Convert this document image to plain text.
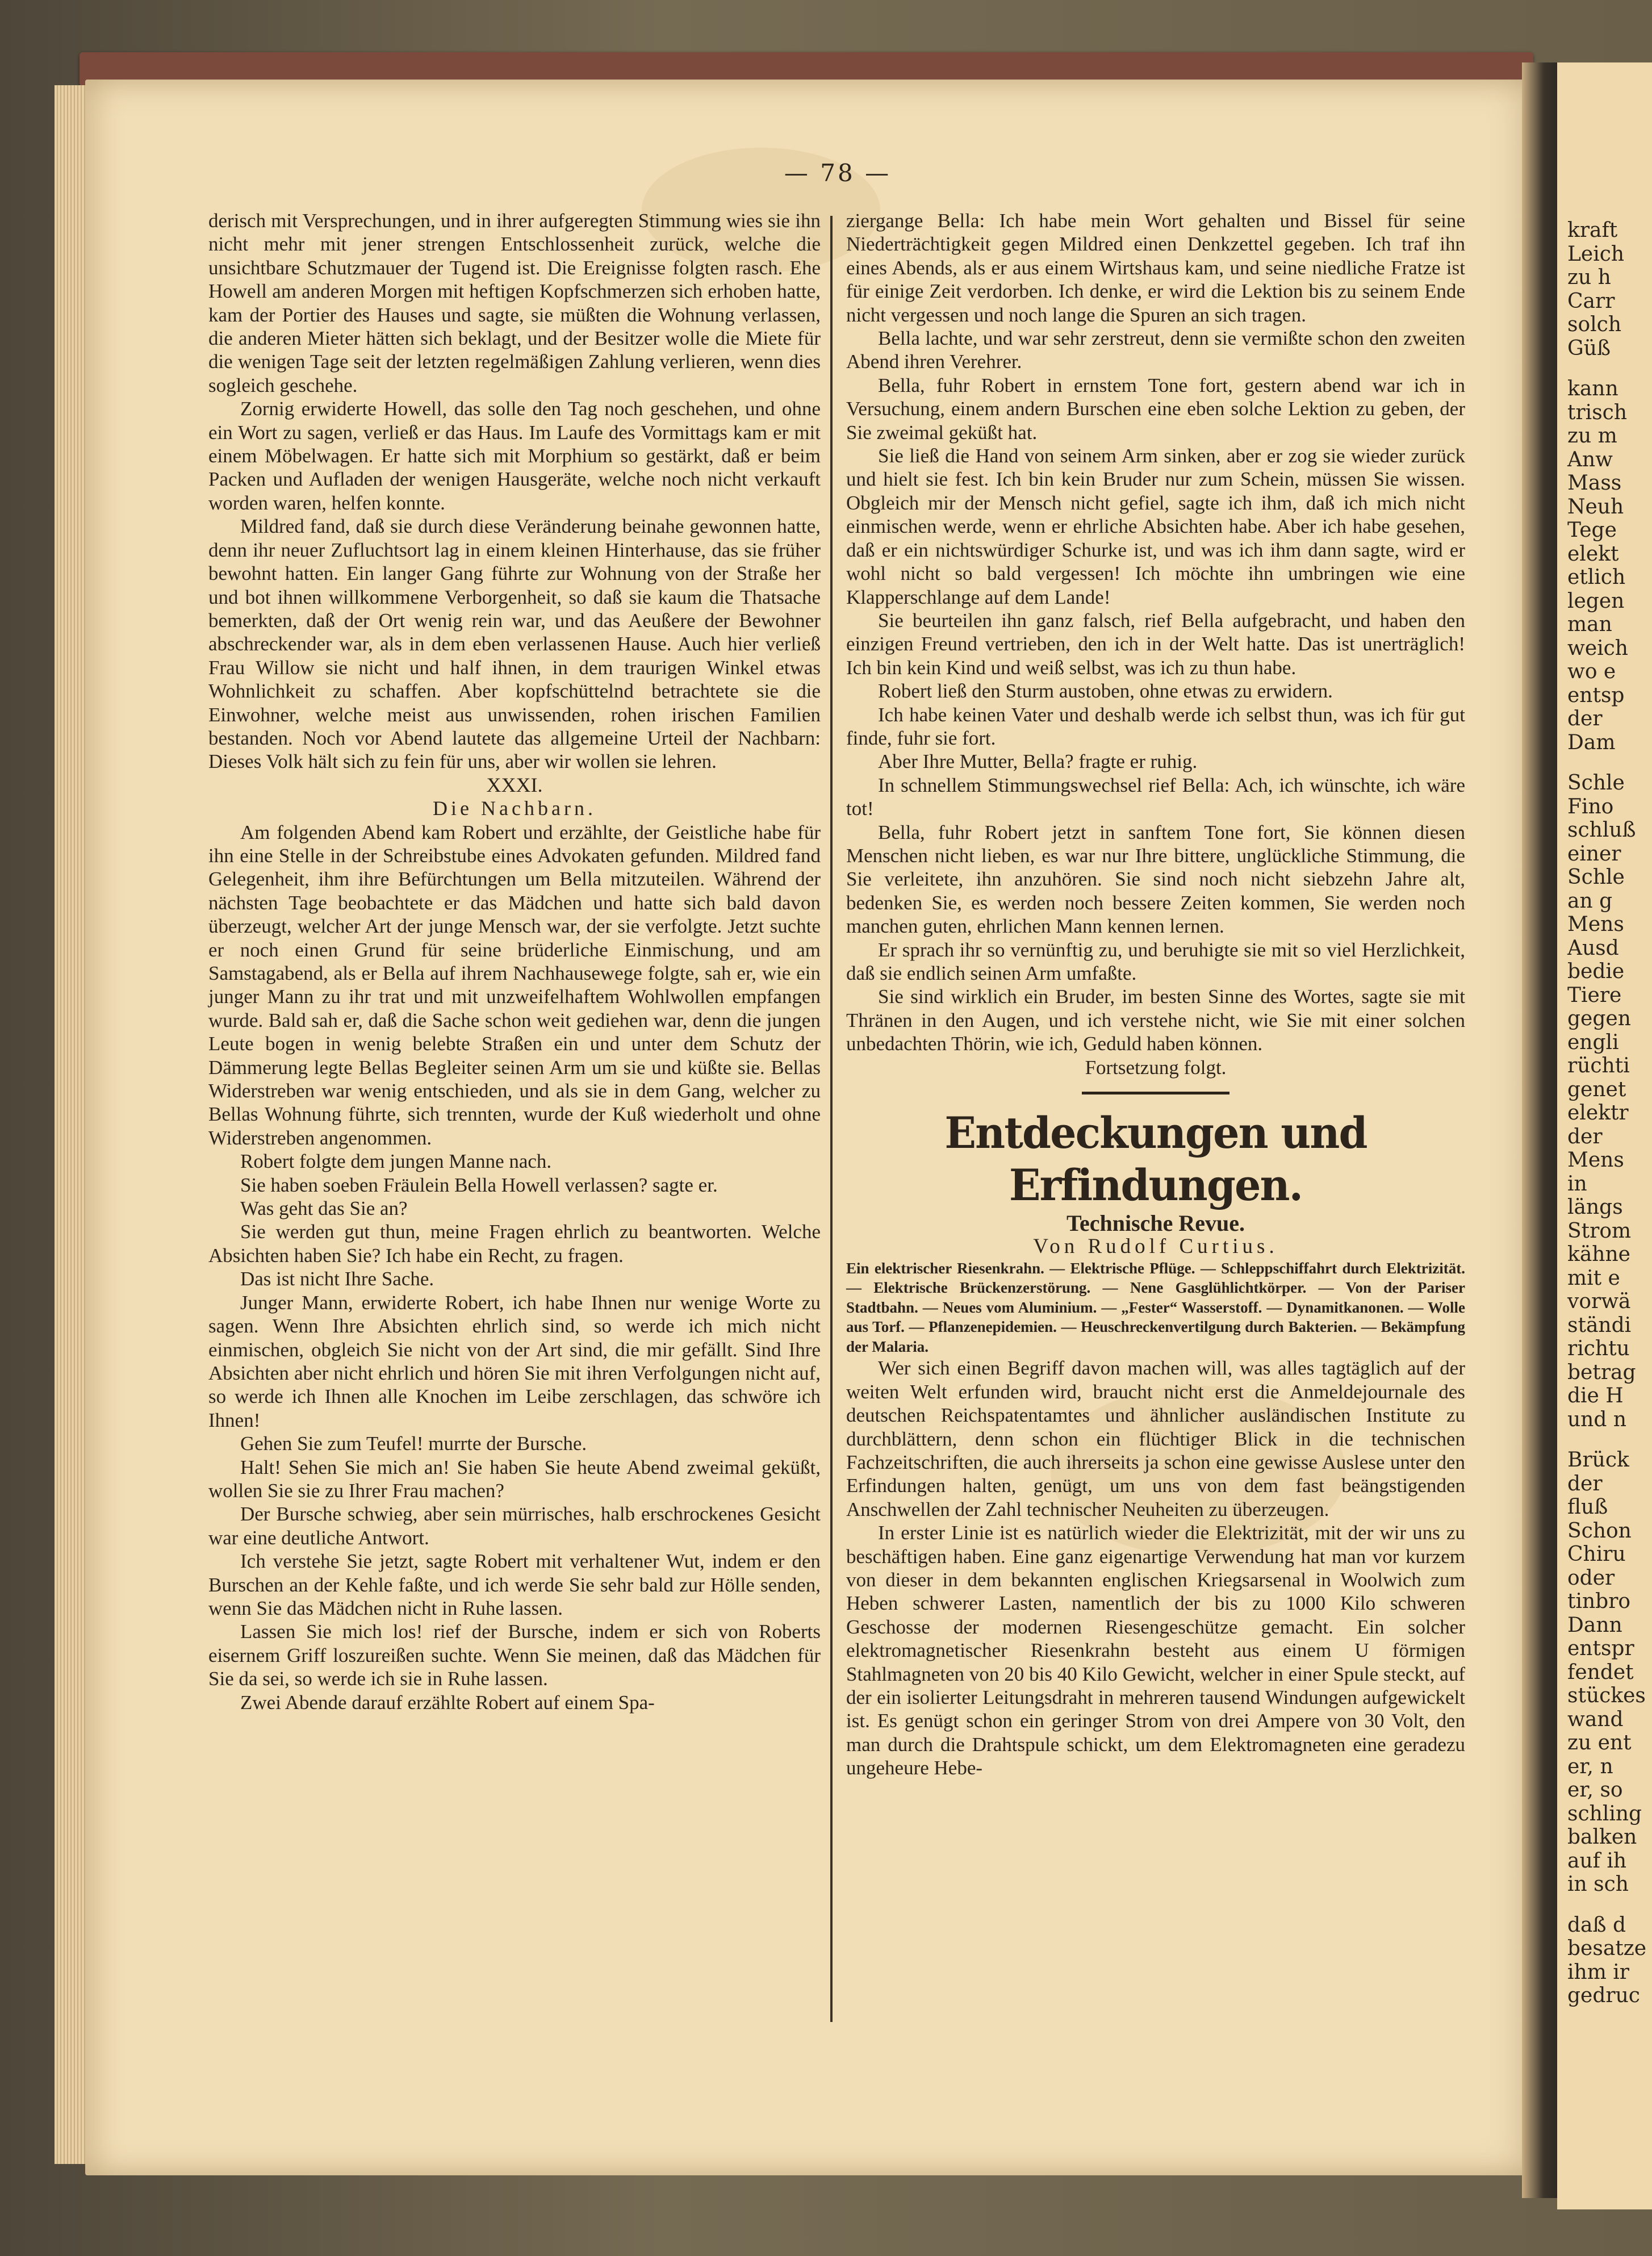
kraft
Leich
zu h
Carr
solch
Güß
kann
trisch
zu m
Anw
Mass
Neuh
Tege
elekt
etlich
legen
man
weich
wo e
entsp
der
Dam
Schle
Fino
schluß
einer
Schle
an g
Mens
Ausd
bedie
Tiere
gegen
engli
rüchti
genet
elektr
der
Mens
in
längs
Strom
kähne
mit e
vorwä
ständi
richtu
betrag
die H
und n
Brück
der
fluß
Schon
Chiru
oder
tinbro
Dann
entspr
fendet
stückes
wand
zu ent
er, n
er, so
schling
balken
auf ih
in sch
daß d
besatze
ihm ir
gedruc
— 78 —

derisch mit Versprechungen, und in ihrer aufgeregten Stimmung wies sie ihn nicht mehr mit jener strengen Entschlossenheit zurück, welche die unsichtbare Schutzmauer der Tugend ist. Die Ereignisse folgten rasch. Ehe Howell am anderen Morgen mit heftigen Kopfschmerzen sich erhoben hatte, kam der Portier des Hauses und sagte, sie müßten die Wohnung verlassen, die anderen Mieter hätten sich beklagt, und der Besitzer wolle die Miete für die wenigen Tage seit der letzten regelmäßigen Zahlung verlieren, wenn dies sogleich geschehe.

Zornig erwiderte Howell, das solle den Tag noch geschehen, und ohne ein Wort zu sagen, verließ er das Haus. Im Laufe des Vormittags kam er mit einem Möbelwagen. Er hatte sich mit Morphium so gestärkt, daß er beim Packen und Aufladen der wenigen Hausgeräte, welche noch nicht verkauft worden waren, helfen konnte.

Mildred fand, daß sie durch diese Veränderung beinahe gewonnen hatte, denn ihr neuer Zufluchtsort lag in einem kleinen Hinterhause, das sie früher bewohnt hatten. Ein langer Gang führte zur Wohnung von der Straße her und bot ihnen willkommene Verborgenheit, so daß sie kaum die Thatsache bemerkten, daß der Ort wenig rein war, und das Aeußere der Bewohner abschreckender war, als in dem eben verlassenen Hause. Auch hier verließ Frau Willow sie nicht und half ihnen, in dem traurigen Winkel etwas Wohnlichkeit zu schaffen. Aber kopfschüttelnd betrachtete sie die Einwohner, welche meist aus unwissenden, rohen irischen Familien bestanden. Noch vor Abend lautete das allgemeine Urteil der Nachbarn: Dieses Volk hält sich zu fein für uns, aber wir wollen sie lehren.

XXXI.

Die Nachbarn.

Am folgenden Abend kam Robert und erzählte, der Geistliche habe für ihn eine Stelle in der Schreibstube eines Advokaten gefunden. Mildred fand Gelegenheit, ihm ihre Befürchtungen um Bella mitzuteilen. Während der nächsten Tage beobachtete er das Mädchen und hatte sich bald davon überzeugt, welcher Art der junge Mensch war, der sie verfolgte. Jetzt suchte er noch einen Grund für seine brüderliche Einmischung, und am Samstagabend, als er Bella auf ihrem Nachhausewege folgte, sah er, wie ein junger Mann zu ihr trat und mit unzweifelhaftem Wohlwollen empfangen wurde. Bald sah er, daß die Sache schon weit gediehen war, denn die jungen Leute bogen in wenig belebte Straßen ein und unter dem Schutz der Dämmerung legte Bellas Begleiter seinen Arm um sie und küßte sie. Bellas Widerstreben war wenig entschieden, und als sie in dem Gang, welcher zu Bellas Wohnung führte, sich trennten, wurde der Kuß wiederholt und ohne Widerstreben angenommen.

Robert folgte dem jungen Manne nach.

Sie haben soeben Fräulein Bella Howell verlassen? sagte er.

Was geht das Sie an?

Sie werden gut thun, meine Fragen ehrlich zu beantworten. Welche Absichten haben Sie? Ich habe ein Recht, zu fragen.

Das ist nicht Ihre Sache.

Junger Mann, erwiderte Robert, ich habe Ihnen nur wenige Worte zu sagen. Wenn Ihre Absichten ehrlich sind, so werde ich mich nicht einmischen, obgleich Sie nicht von der Art sind, die mir gefällt. Sind Ihre Absichten aber nicht ehrlich und hören Sie mit ihren Verfolgungen nicht auf, so werde ich Ihnen alle Knochen im Leibe zerschlagen, das schwöre ich Ihnen!

Gehen Sie zum Teufel! murrte der Bursche.

Halt! Sehen Sie mich an! Sie haben Sie heute Abend zweimal geküßt, wollen Sie sie zu Ihrer Frau machen?

Der Bursche schwieg, aber sein mürrisches, halb erschrockenes Gesicht war eine deutliche Antwort.

Ich verstehe Sie jetzt, sagte Robert mit verhaltener Wut, indem er den Burschen an der Kehle faßte, und ich werde Sie sehr bald zur Hölle senden, wenn Sie das Mädchen nicht in Ruhe lassen.

Lassen Sie mich los! rief der Bursche, indem er sich von Roberts eisernem Griff loszureißen suchte. Wenn Sie meinen, daß das Mädchen für Sie da sei, so werde ich sie in Ruhe lassen.

Zwei Abende darauf erzählte Robert auf einem Spa-

ziergange Bella: Ich habe mein Wort gehalten und Bissel für seine Niederträchtigkeit gegen Mildred einen Denkzettel gegeben. Ich traf ihn eines Abends, als er aus einem Wirtshaus kam, und seine niedliche Fratze ist für einige Zeit verdorben. Ich denke, er wird die Lektion bis zu seinem Ende nicht vergessen und noch lange die Spuren an sich tragen.

Bella lachte, und war sehr zerstreut, denn sie vermißte schon den zweiten Abend ihren Verehrer.

Bella, fuhr Robert in ernstem Tone fort, gestern abend war ich in Versuchung, einem andern Burschen eine eben solche Lektion zu geben, der Sie zweimal geküßt hat.

Sie ließ die Hand von seinem Arm sinken, aber er zog sie wieder zurück und hielt sie fest. Ich bin kein Bruder nur zum Schein, müssen Sie wissen. Obgleich mir der Mensch nicht gefiel, sagte ich ihm, daß ich mich nicht einmischen werde, wenn er ehrliche Absichten habe. Aber ich habe gesehen, daß er ein nichtswürdiger Schurke ist, und was ich ihm dann sagte, wird er wohl nicht so bald vergessen! Ich möchte ihn umbringen wie eine Klapperschlange auf dem Lande!

Sie beurteilen ihn ganz falsch, rief Bella aufgebracht, und haben den einzigen Freund vertrieben, den ich in der Welt hatte. Das ist unerträglich! Ich bin kein Kind und weiß selbst, was ich zu thun habe.

Robert ließ den Sturm austoben, ohne etwas zu erwidern.

Ich habe keinen Vater und deshalb werde ich selbst thun, was ich für gut finde, fuhr sie fort.

Aber Ihre Mutter, Bella? fragte er ruhig.

In schnellem Stimmungswechsel rief Bella: Ach, ich wünschte, ich wäre tot!

Bella, fuhr Robert jetzt in sanftem Tone fort, Sie können diesen Menschen nicht lieben, es war nur Ihre bittere, unglückliche Stimmung, die Sie verleitete, ihn anzuhören. Sie sind noch nicht siebzehn Jahre alt, bedenken Sie, es werden noch bessere Zeiten kommen, Sie werden noch manchen guten, ehrlichen Mann kennen lernen.

Er sprach ihr so vernünftig zu, und beruhigte sie mit so viel Herzlichkeit, daß sie endlich seinen Arm umfaßte.

Sie sind wirklich ein Bruder, im besten Sinne des Wortes, sagte sie mit Thränen in den Augen, und ich verstehe nicht, wie Sie mit einer solchen unbedachten Thörin, wie ich, Geduld haben können.

Fortsetzung folgt.

Entdeckungen und Erfindungen.

Technische Revue.

Von Rudolf Curtius.

Ein elektrischer Riesenkrahn. — Elektrische Pflüge. — Schleppschiffahrt durch Elektrizität. — Elektrische Brückenzerstörung. — Nene Gasglühlichtkörper. — Von der Pariser Stadtbahn. — Neues vom Aluminium. — „Fester“ Wasserstoff. — Dynamitkanonen. — Wolle aus Torf. — Pflanzenepidemien. — Heuschreckenvertilgung durch Bakterien. — Bekämpfung der Malaria.

Wer sich einen Begriff davon machen will, was alles tagtäglich auf der weiten Welt erfunden wird, braucht nicht erst die Anmeldejournale des deutschen Reichspatentamtes und ähnlicher ausländischen Institute zu durchblättern, denn schon ein flüchtiger Blick in die technischen Fachzeitschriften, die auch ihrerseits ja schon eine gewisse Auslese unter den Erfindungen halten, genügt, um uns von dem fast beängstigenden Anschwellen der Zahl technischer Neuheiten zu überzeugen.

In erster Linie ist es natürlich wieder die Elektrizität, mit der wir uns zu beschäftigen haben. Eine ganz eigenartige Verwendung hat man vor kurzem von dieser in dem bekannten englischen Kriegsarsenal in Woolwich zum Heben schwerer Lasten, namentlich der bis zu 1000 Kilo schweren Geschosse der modernen Riesengeschütze gemacht. Ein solcher elektromagnetischer Riesenkrahn besteht aus einem U förmigen Stahlmagneten von 20 bis 40 Kilo Gewicht, welcher in einer Spule steckt, auf der ein isolierter Leitungsdraht in mehreren tausend Windungen aufgewickelt ist. Es genügt schon ein geringer Strom von drei Ampere von 30 Volt, den man durch die Drahtspule schickt, um dem Elektromagneten eine geradezu ungeheure Hebe-
